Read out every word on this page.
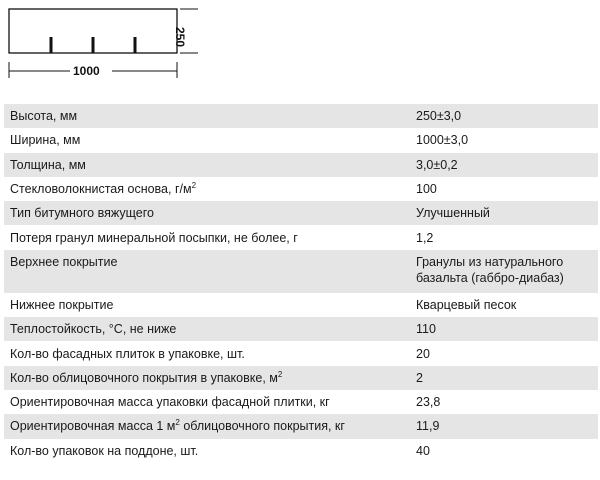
1000
250
Высота, мм	250±3,0
Ширина, мм	1000±3,0
Толщина, мм	3,0±0,2
Стекловолокнистая основа, $г/м^2$	100
Тип битумного вяжущего	Улучшенный
Потеря гранул минеральной посыпки, не более, г	1,2
Верхнее покрытие	Гранулы из натурального базальта (габбро-диабаз)
Нижнее покрытие	Кварцевый песок
Теплостойкость, °С, не ниже	110
Кол-во фасадных плиток в упаковке, шт.	20
Кол-во облицовочного покрытия в упаковке, $м^2$	2
Ориентировочная масса упаковки фасадной плитки, кг	23,8
Ориентировочная масса 1 $м^2$ облицовочного покрытия, кг	11,9
Кол-во упаковок на поддоне, шт.	40
